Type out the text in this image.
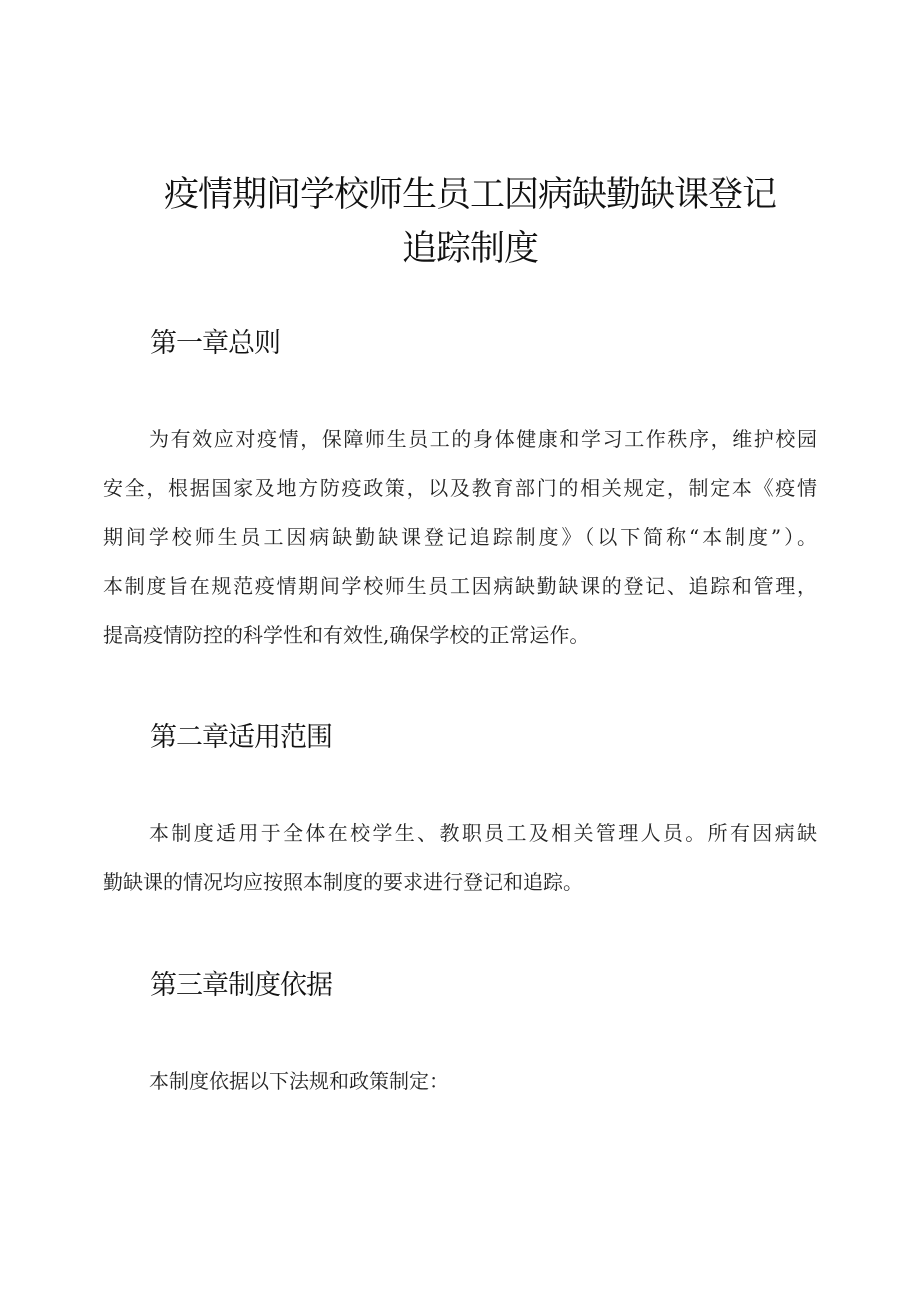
疫情期间学校师生员工因病缺勤缺课登记
追踪制度
第一章总则
为有效应对疫情，保障师生员工的身体健康和学习工作秩序，维护校园
安全，根据国家及地方防疫政策，以及教育部门的相关规定，制定本《疫情
期间学校师生员工因病缺勤缺课登记追踪制度》（以下简称“本制度”）。
本制度旨在规范疫情期间学校师生员工因病缺勤缺课的登记、追踪和管理，
提高疫情防控的科学性和有效性,确保学校的正常运作。
第二章适用范围
本制度适用于全体在校学生、教职员工及相关管理人员。所有因病缺
勤缺课的情况均应按照本制度的要求进行登记和追踪。
第三章制度依据
本制度依据以下法规和政策制定：
